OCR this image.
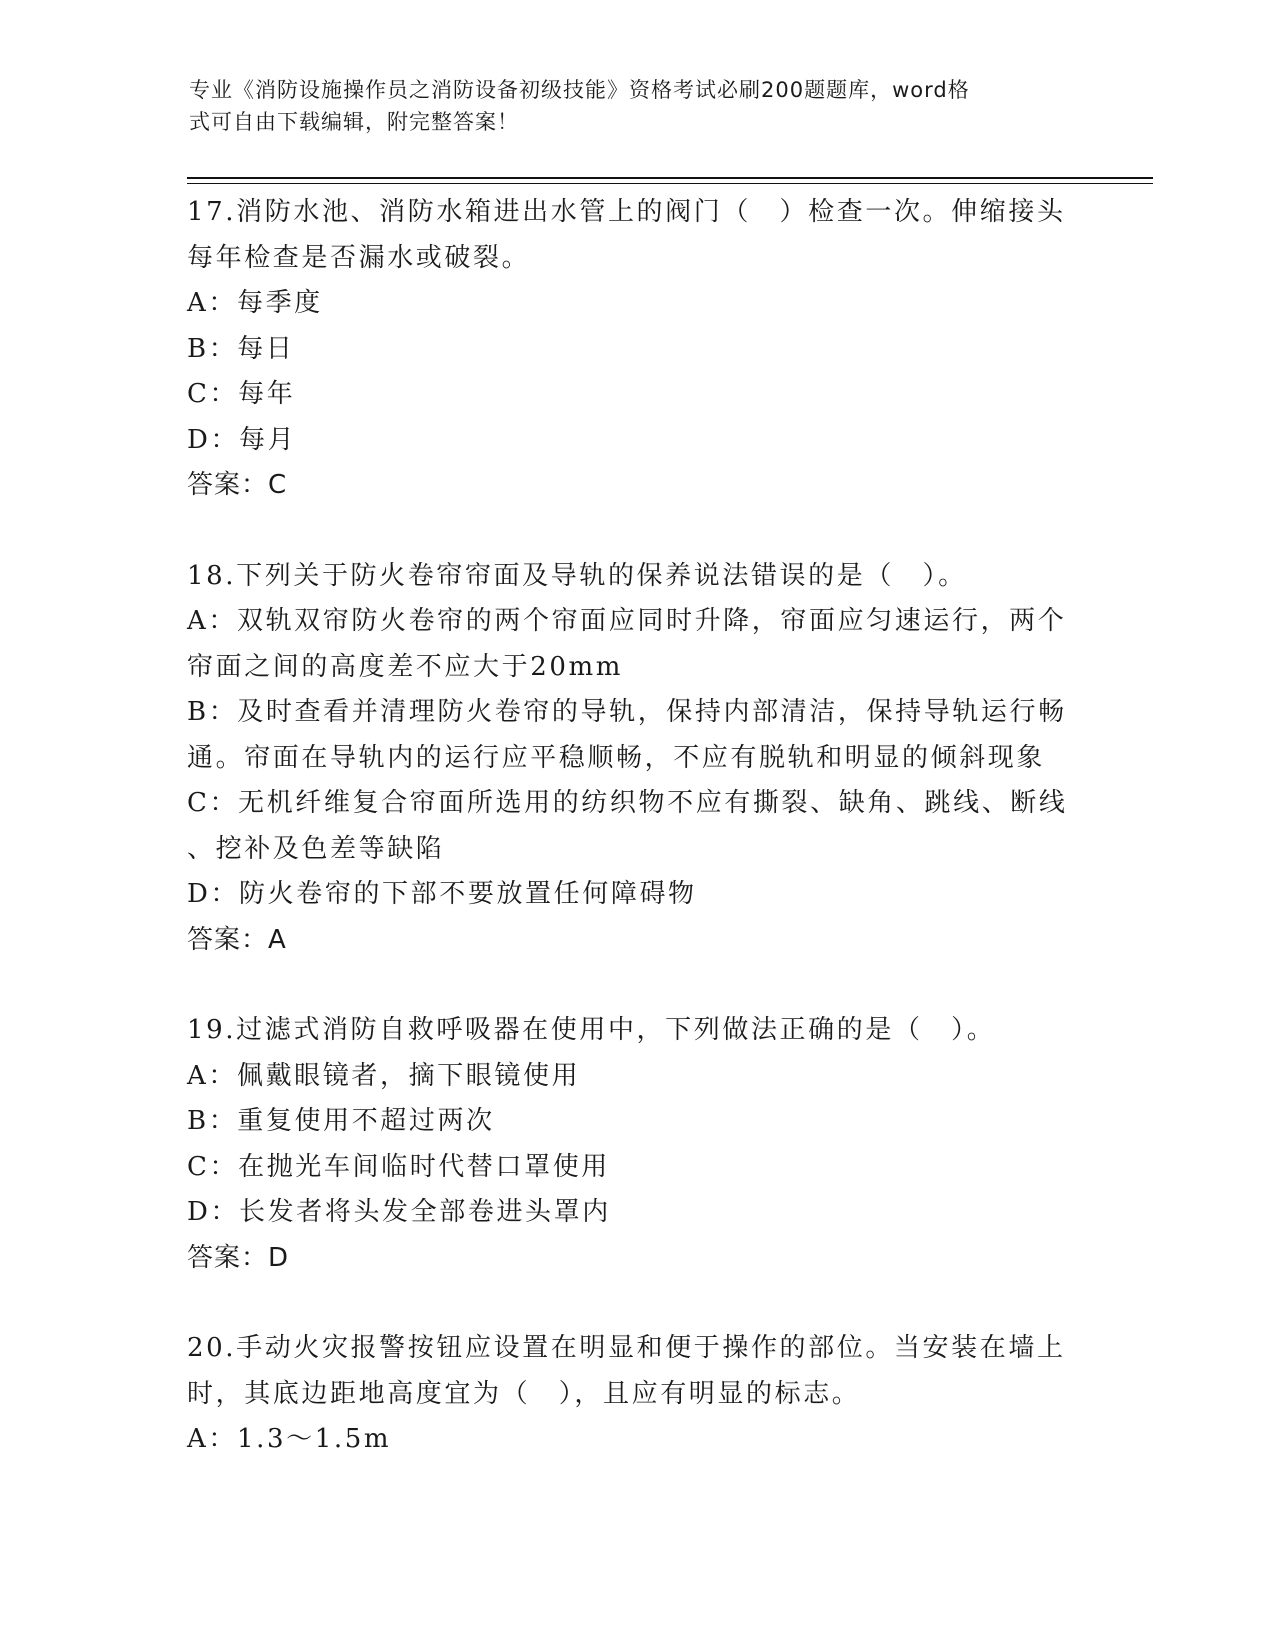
专业《消防设施操作员之消防设备初级技能》资格考试必刷200题题库，word格
式可自由下载编辑，附完整答案！

17.消防水池、消防水箱进出水管上的阀门（　）检查一次。伸缩接头

每年检查是否漏水或破裂。

A：每季度

B：每日

C：每年

D：每月

答案：C

18.下列关于防火卷帘帘面及导轨的保养说法错误的是（　）。

A：双轨双帘防火卷帘的两个帘面应同时升降，帘面应匀速运行，两个

帘面之间的高度差不应大于20mm

B：及时查看并清理防火卷帘的导轨，保持内部清洁，保持导轨运行畅

通。帘面在导轨内的运行应平稳顺畅，不应有脱轨和明显的倾斜现象

C：无机纤维复合帘面所选用的纺织物不应有撕裂、缺角、跳线、断线

、挖补及色差等缺陷

D：防火卷帘的下部不要放置任何障碍物

答案：A

19.过滤式消防自救呼吸器在使用中，下列做法正确的是（　）。

A：佩戴眼镜者，摘下眼镜使用

B：重复使用不超过两次

C：在抛光车间临时代替口罩使用

D：长发者将头发全部卷进头罩内

答案：D

20.手动火灾报警按钮应设置在明显和便于操作的部位。当安装在墙上

时，其底边距地高度宜为（　），且应有明显的标志。

A：1.3～1.5m
